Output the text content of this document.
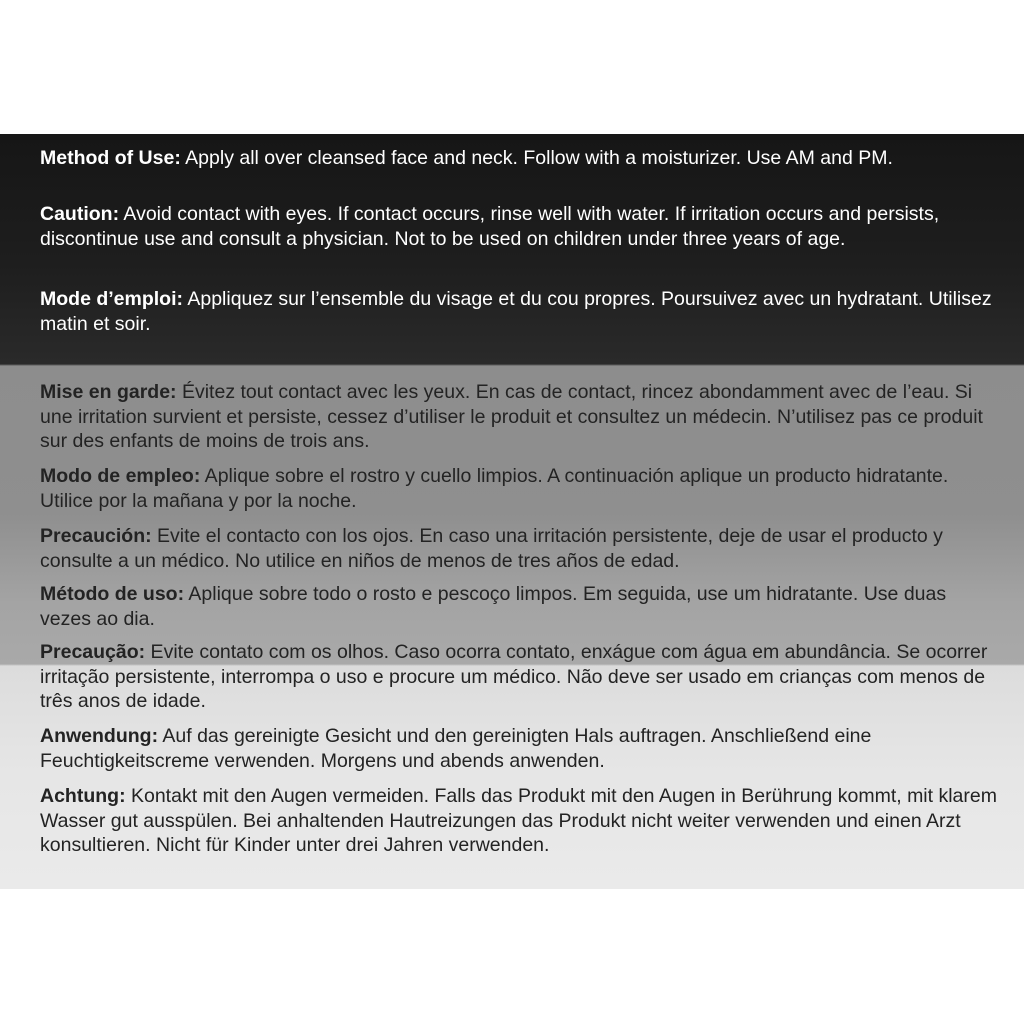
Method of Use: Apply all over cleansed face and neck. Follow with a moisturizer. Use AM and PM.

Caution: Avoid contact with eyes. If contact occurs, rinse well with water. If irritation occurs and persists, discontinue use and consult a physician. Not to be used on children under three years of age.

Mode d’emploi: Appliquez sur l’ensemble du visage et du cou propres. Poursuivez avec un hydratant. Utilisez matin et soir.

Mise en garde: Évitez tout contact avec les yeux. En cas de contact, rincez abondamment avec de l’eau. Si une irritation survient et persiste, cessez d’utiliser le produit et consultez un médecin. N’utilisez pas ce produit sur des enfants de moins de trois ans.

Modo de empleo: Aplique sobre el rostro y cuello limpios. A continuación aplique un producto hidratante. Utilice por la mañana y por la noche.

Precaución: Evite el contacto con los ojos. En caso una irritación persistente, deje de usar el producto y consulte a un médico. No utilice en niños de menos de tres años de edad.

Método de uso: Aplique sobre todo o rosto e pescoço limpos. Em seguida, use um hidratante. Use duas vezes ao dia.

Precaução: Evite contato com os olhos. Caso ocorra contato, enxágue com água em abundância. Se ocorrer irritação persistente, interrompa o uso e procure um médico. Não deve ser usado em crianças com menos de três anos de idade.

Anwendung: Auf das gereinigte Gesicht und den gereinigten Hals auftragen. Anschließend eine Feuchtigkeitscreme verwenden. Morgens und abends anwenden.

Achtung: Kontakt mit den Augen vermeiden. Falls das Produkt mit den Augen in Berührung kommt, mit klarem Wasser gut ausspülen. Bei anhaltenden Hautreizungen das Produkt nicht weiter verwenden und einen Arzt konsultieren. Nicht für Kinder unter drei Jahren verwenden.
